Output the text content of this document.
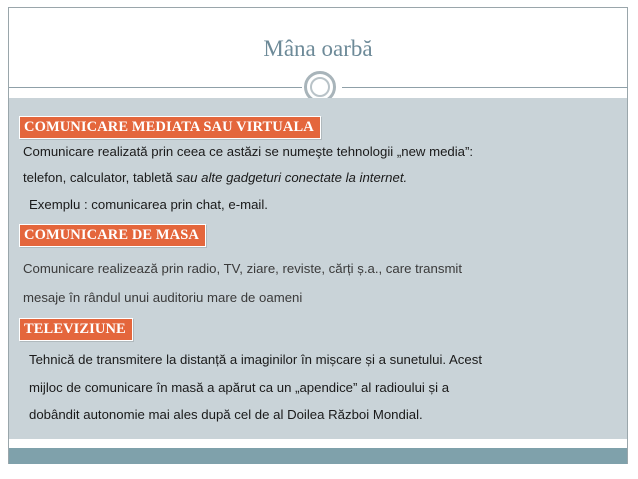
Mâna oarbă
COMUNICARE MEDIATA SAU VIRTUALA
Comunicare realizată prin ceea ce astăzi se numeşte tehnologii „new media”:
telefon, calculator, tabletă sau alte gadgeturi conectate la internet.
Exemplu : comunicarea prin chat, e-mail.
COMUNICARE DE MASA
Comunicare realizează prin radio, TV, ziare, reviste, cărți ș.a., care transmit
mesaje în rândul unui auditoriu mare de oameni
TELEVIZIUNE
Tehnică de transmitere la distanță a imaginilor în mișcare și a sunetului. Acest
mijloc de comunicare în masă a apărut ca un „apendice” al radioului și a
dobândit autonomie mai ales după cel de al Doilea Război Mondial.
